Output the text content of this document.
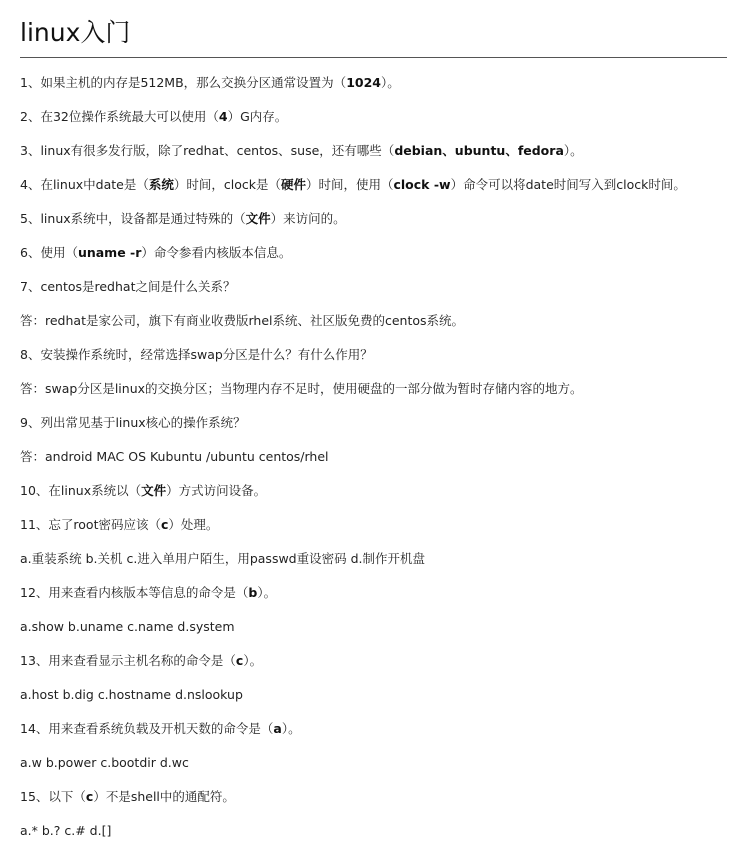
linux入门
1、如果主机的内存是512MB，那么交换分区通常设置为（1024）。
2、在32位操作系统最大可以使用（4）G内存。
3、linux有很多发行版，除了redhat、centos、suse，还有哪些（debian、ubuntu、fedora）。
4、在linux中date是（系统）时间，clock是（硬件）时间，使用（clock -w）命令可以将date时间写入到clock时间。
5、linux系统中，设备都是通过特殊的（文件）来访问的。
6、使用（uname -r）命令参看内核版本信息。
7、centos是redhat之间是什么关系？
答：redhat是家公司，旗下有商业收费版rhel系统、社区版免费的centos系统。
8、安装操作系统时，经常选择swap分区是什么？有什么作用？
答：swap分区是linux的交换分区；当物理内存不足时，使用硬盘的一部分做为暂时存储内容的地方。
9、列出常见基于linux核心的操作系统？
答：android MAC OS Kubuntu /ubuntu centos/rhel
10、在linux系统以（文件）方式访问设备。
11、忘了root密码应该（c）处理。
a.重装系统 b.关机 c.进入单用户陌生，用passwd重设密码 d.制作开机盘
12、用来查看内核版本等信息的命令是（b）。
a.show b.uname c.name d.system
13、用来查看显示主机名称的命令是（c）。
a.host b.dig c.hostname d.nslookup
14、用来查看系统负载及开机天数的命令是（a）。
a.w b.power c.bootdir d.wc
15、以下（c）不是shell中的通配符。
a.* b.? c.# d.[]
